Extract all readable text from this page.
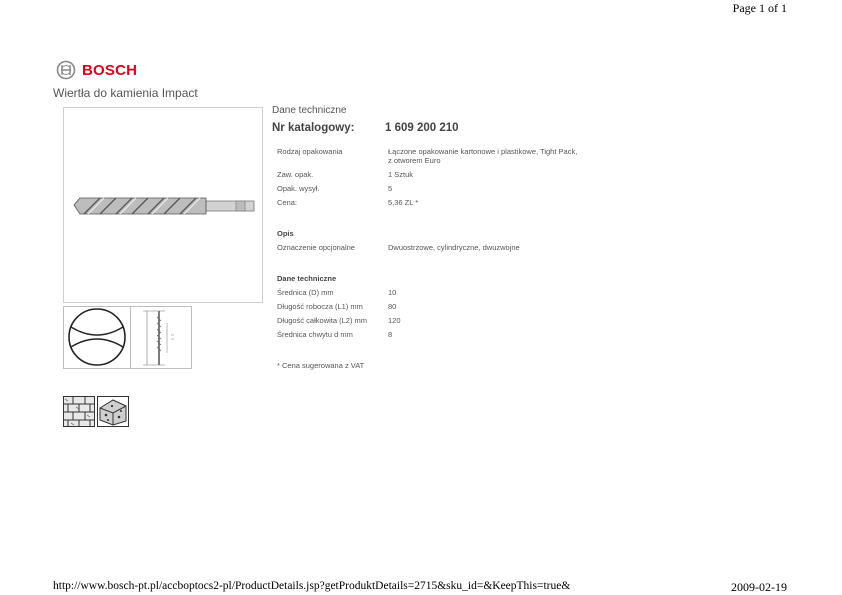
Page 1 of 1
BOSCH
Wiertła do kamienia Impact
Dane techniczne
Nr katalogowy:	1 609 200 210
Rodzaj opakowania	Łączone opakowanie kartonowe i plastikowe, Tight Pack, z otworem Euro
Zaw. opak.	1 Sztuk
Opak. wysył.	5
Cena:	5,36 ZL *
Opis
Oznaczenie opcjonalne	Dwuostrzowe, cylindryczne, dwuzwojne
Dane techniczne
Średnica (D) mm	10
Długość robocza (L1) mm	80
Długość całkowita (L2) mm	120
Średnica chwytu d mm	8
* Cena sugerowana z VAT
http://www.bosch-pt.pl/accboptocs2-pl/ProductDetails.jsp?getProduktDetails=2715&sku_id=&KeepThis=true&	2009-02-19
